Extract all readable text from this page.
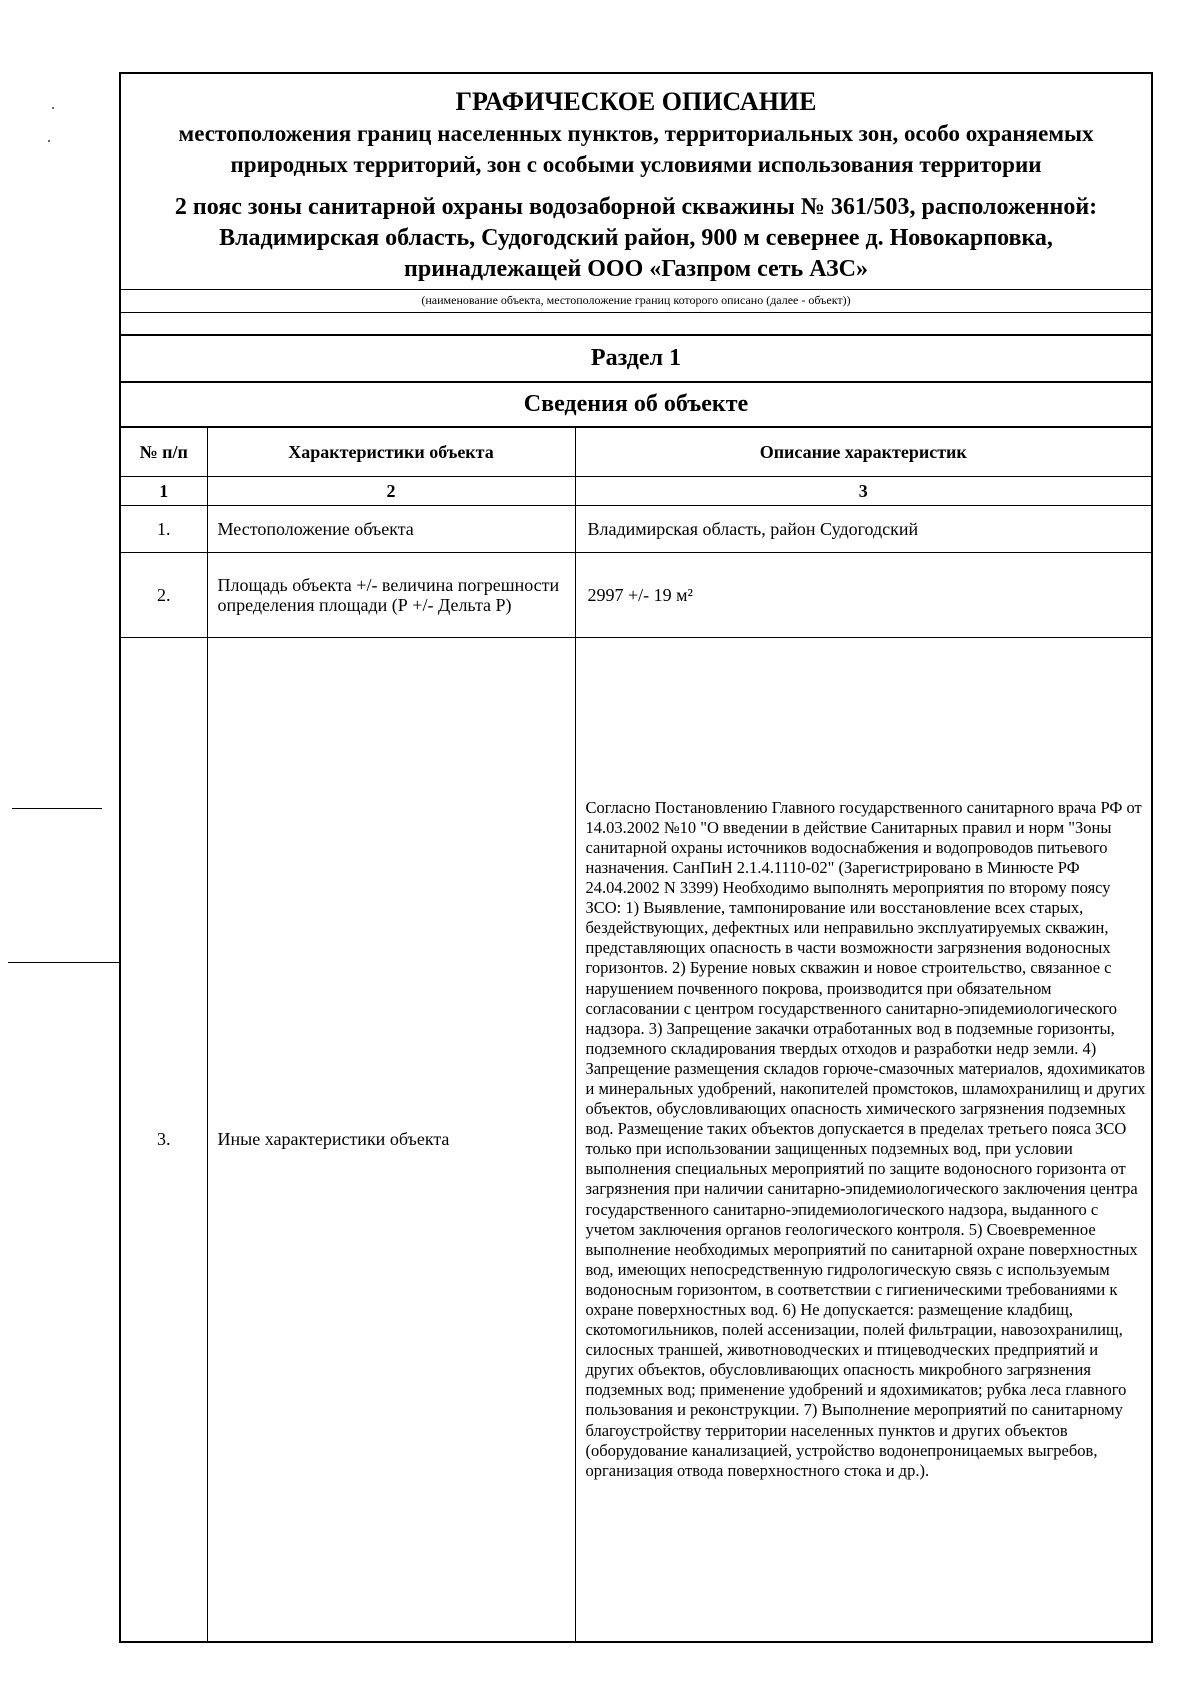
ГРАФИЧЕСКОЕ ОПИСАНИЕ
местоположения границ населенных пунктов, территориальных зон, особо охраняемых природных территорий, зон с особыми условиями использования территории
2 пояс зоны санитарной охраны водозаборной скважины № 361/503, расположенной: Владимирская область, Судогодский район, 900 м севернее д. Новокарповка, принадлежащей ООО «Газпром сеть АЗС»
(наименование объекта, местоположение границ которого описано (далее - объект))
Раздел 1
Сведения об объекте
№ п/п	Характеристики объекта	Описание характеристик
1	2	3
1.	Местоположение объекта	Владимирская область, район Судогодский
2.	Площадь объекта +/- величина погрешности определения площади (Р +/- Дельта Р)	2997 +/- 19 м²
3.	Иные характеристики объекта	Согласно Постановлению Главного государственного санитарного врача РФ от 14.03.2002 №10 "О введении в действие Санитарных правил и норм "Зоны санитарной охраны источников водоснабжения и водопроводов питьевого назначения. СанПиН 2.1.4.1110-02" (Зарегистрировано в Минюсте РФ 24.04.2002 N 3399) Необходимо выполнять мероприятия по второму поясу ЗСО: 1) Выявление, тампонирование или восстановление всех старых, бездействующих, дефектных или неправильно эксплуатируемых скважин, представляющих опасность в части возможности загрязнения водоносных горизонтов. 2) Бурение новых скважин и новое строительство, связанное с нарушением почвенного покрова, производится при обязательном согласовании с центром государственного санитарно-эпидемиологического надзора. 3) Запрещение закачки отработанных вод в подземные горизонты, подземного складирования твердых отходов и разработки недр земли. 4) Запрещение размещения складов горюче-смазочных материалов, ядохимикатов и минеральных удобрений, накопителей промстоков, шламохранилищ и других объектов, обусловливающих опасность химического загрязнения подземных вод. Размещение таких объектов допускается в пределах третьего пояса ЗСО только при использовании защищенных подземных вод, при условии выполнения специальных мероприятий по защите водоносного горизонта от загрязнения при наличии санитарно-эпидемиологического заключения центра государственного санитарно-эпидемиологического надзора, выданного с учетом заключения органов геологического контроля. 5) Своевременное выполнение необходимых мероприятий по санитарной охране поверхностных вод, имеющих непосредственную гидрологическую связь с используемым водоносным горизонтом, в соответствии с гигиеническими требованиями к охране поверхностных вод. 6) Не допускается: размещение кладбищ, скотомогильников, полей ассенизации, полей фильтрации, навозохранилищ, силосных траншей, животноводческих и птицеводческих предприятий и других объектов, обусловливающих опасность микробного загрязнения подземных вод; применение удобрений и ядохимикатов; рубка леса главного пользования и реконструкции. 7) Выполнение мероприятий по санитарному благоустройству территории населенных пунктов и других объектов (оборудование канализацией, устройство водонепроницаемых выгребов, организация отвода поверхностного стока и др.).
